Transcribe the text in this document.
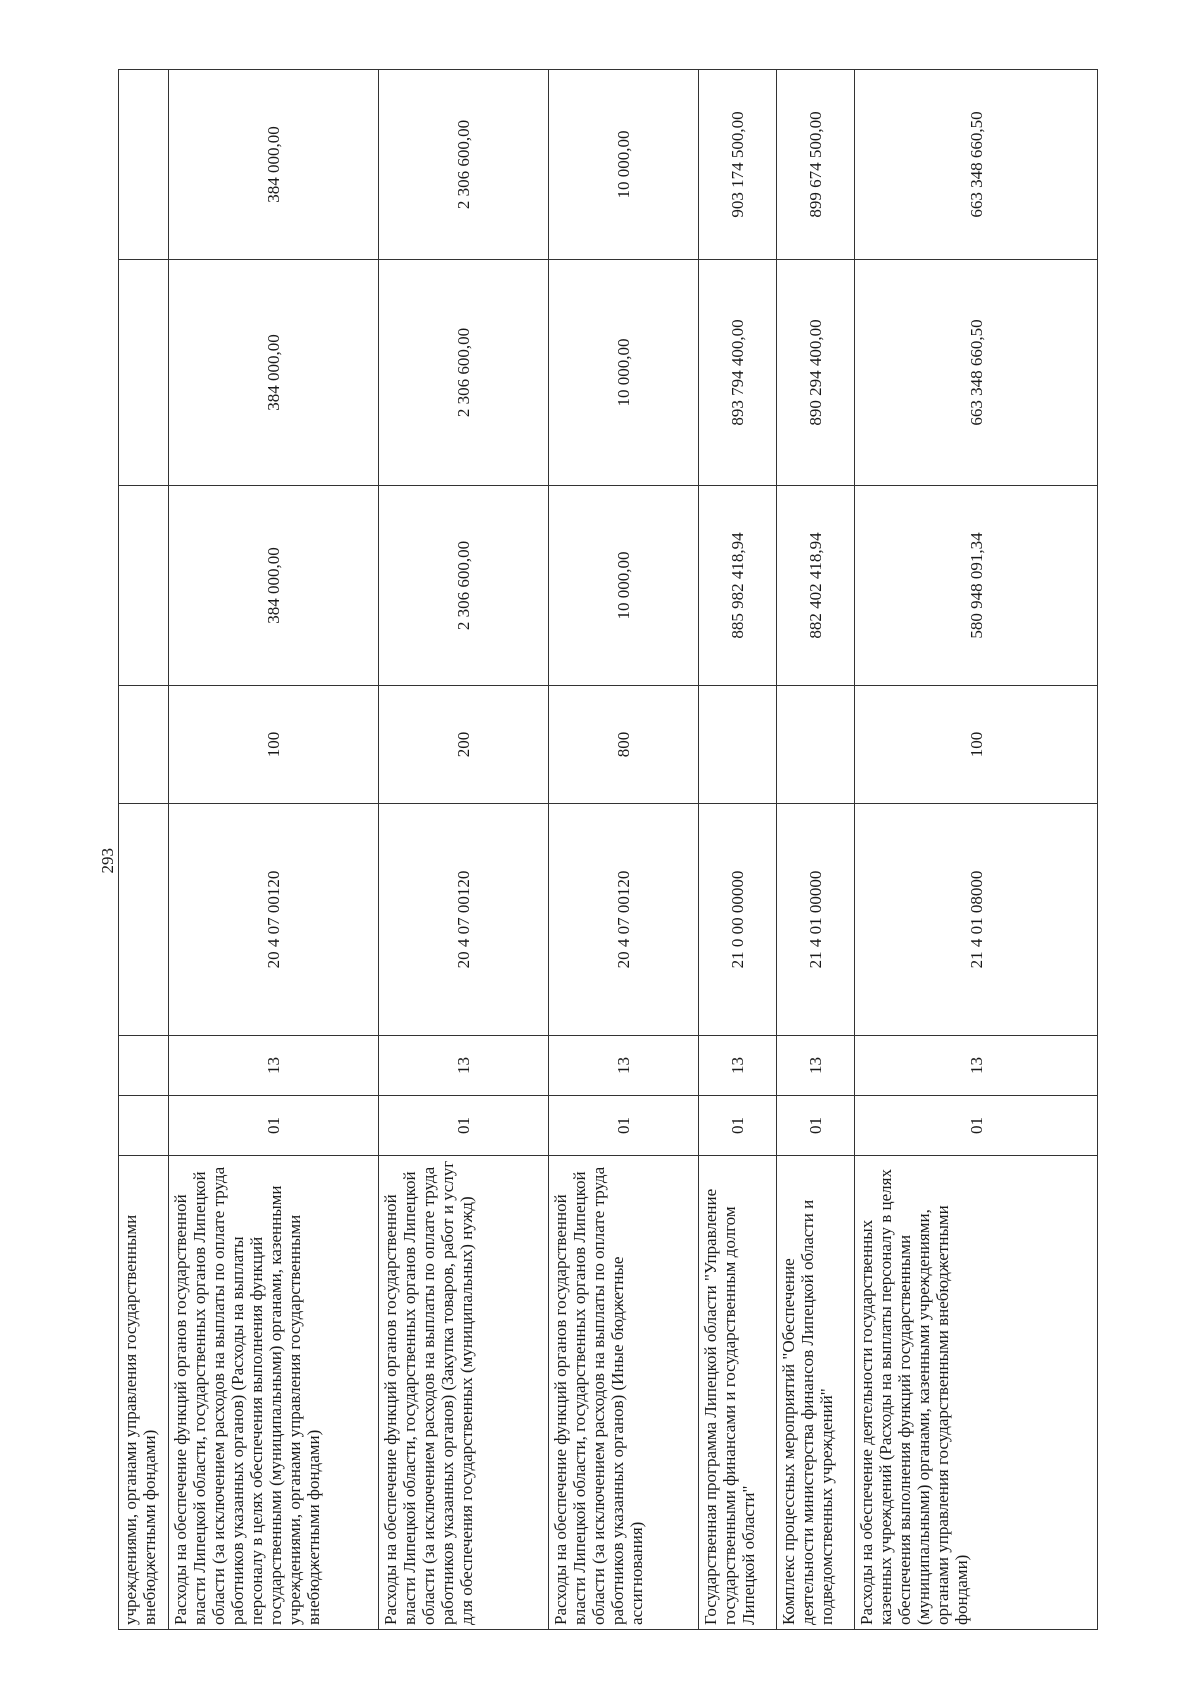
293
учреждениями, органами управления государственными внебюджетными фондами)							
Расходы на обеспечение функций органов государственной власти Липецкой области, государственных органов Липецкой области (за исключением расходов на выплаты по оплате труда работников указанных органов) (Расходы на выплаты персоналу в целях обеспечения выполнения функций государственными (муниципальными) органами, казенными учреждениями, органами управления государственными внебюджетными фондами)	01	13	20 4 07 00120	100	384 000,00	384 000,00	384 000,00
Расходы на обеспечение функций органов государственной власти Липецкой области, государственных органов Липецкой области (за исключением расходов на выплаты по оплате труда работников указанных органов) (Закупка товаров, работ и услуг для обеспечения государственных (муниципальных) нужд)	01	13	20 4 07 00120	200	2 306 600,00	2 306 600,00	2 306 600,00
Расходы на обеспечение функций органов государственной власти Липецкой области, государственных органов Липецкой области (за исключением расходов на выплаты по оплате труда работников указанных органов) (Иные бюджетные ассигнования)	01	13	20 4 07 00120	800	10 000,00	10 000,00	10 000,00
Государственная программа Липецкой области "Управление государственными финансами и государственным долгом Липецкой области"	01	13	21 0 00 00000		885 982 418,94	893 794 400,00	903 174 500,00
Комплекс процессных мероприятий "Обеспечение деятельности министерства финансов Липецкой области и подведомственных учреждений"	01	13	21 4 01 00000		882 402 418,94	890 294 400,00	899 674 500,00
Расходы на обеспечение деятельности государственных казенных учреждений (Расходы на выплаты персоналу в целях обеспечения выполнения функций государственными (муниципальными) органами, казенными учреждениями, органами управления государственными внебюджетными фондами)	01	13	21 4 01 08000	100	580 948 091,34	663 348 660,50	663 348 660,50
